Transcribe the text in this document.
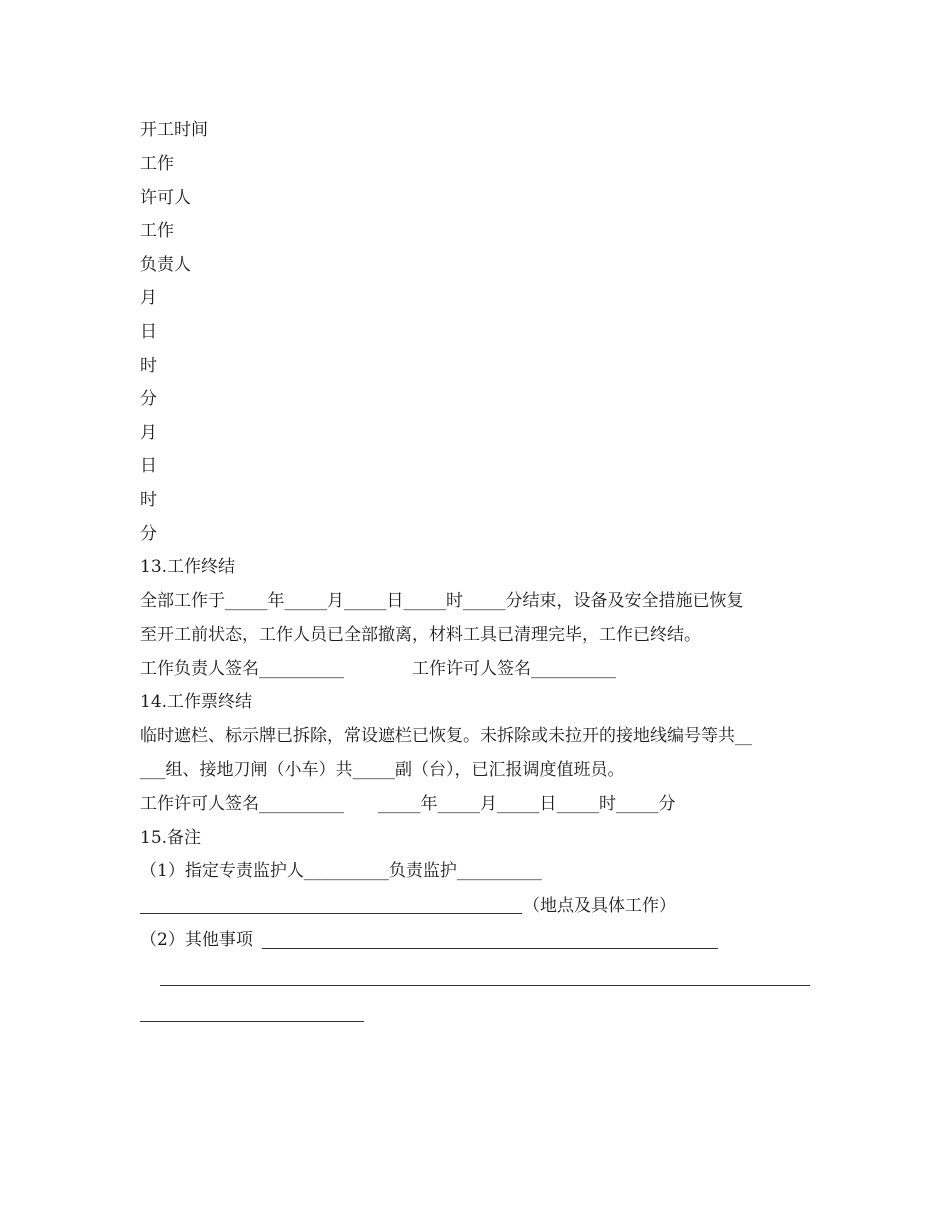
开工时间
工作
许可人
工作
负责人
月
日
时
分
月
日
时
分
13.工作终结
全部工作于_____年_____月_____日_____时_____分结束，设备及安全措施已恢复
至开工前状态，工作人员已全部撤离，材料工具已清理完毕，工作已终结。
工作负责人签名__________　　　　工作许可人签名__________
14.工作票终结
临时遮栏、标示牌已拆除，常设遮栏已恢复。未拆除或未拉开的接地线编号等共__
___组、接地刀闸（小车）共_____副（台），已汇报调度值班员。
工作许可人签名__________　　_____年_____月_____日_____时_____分
15.备注
（1）指定专责监护人__________负责监护__________
（地点及具体工作）
（2）其他事项
